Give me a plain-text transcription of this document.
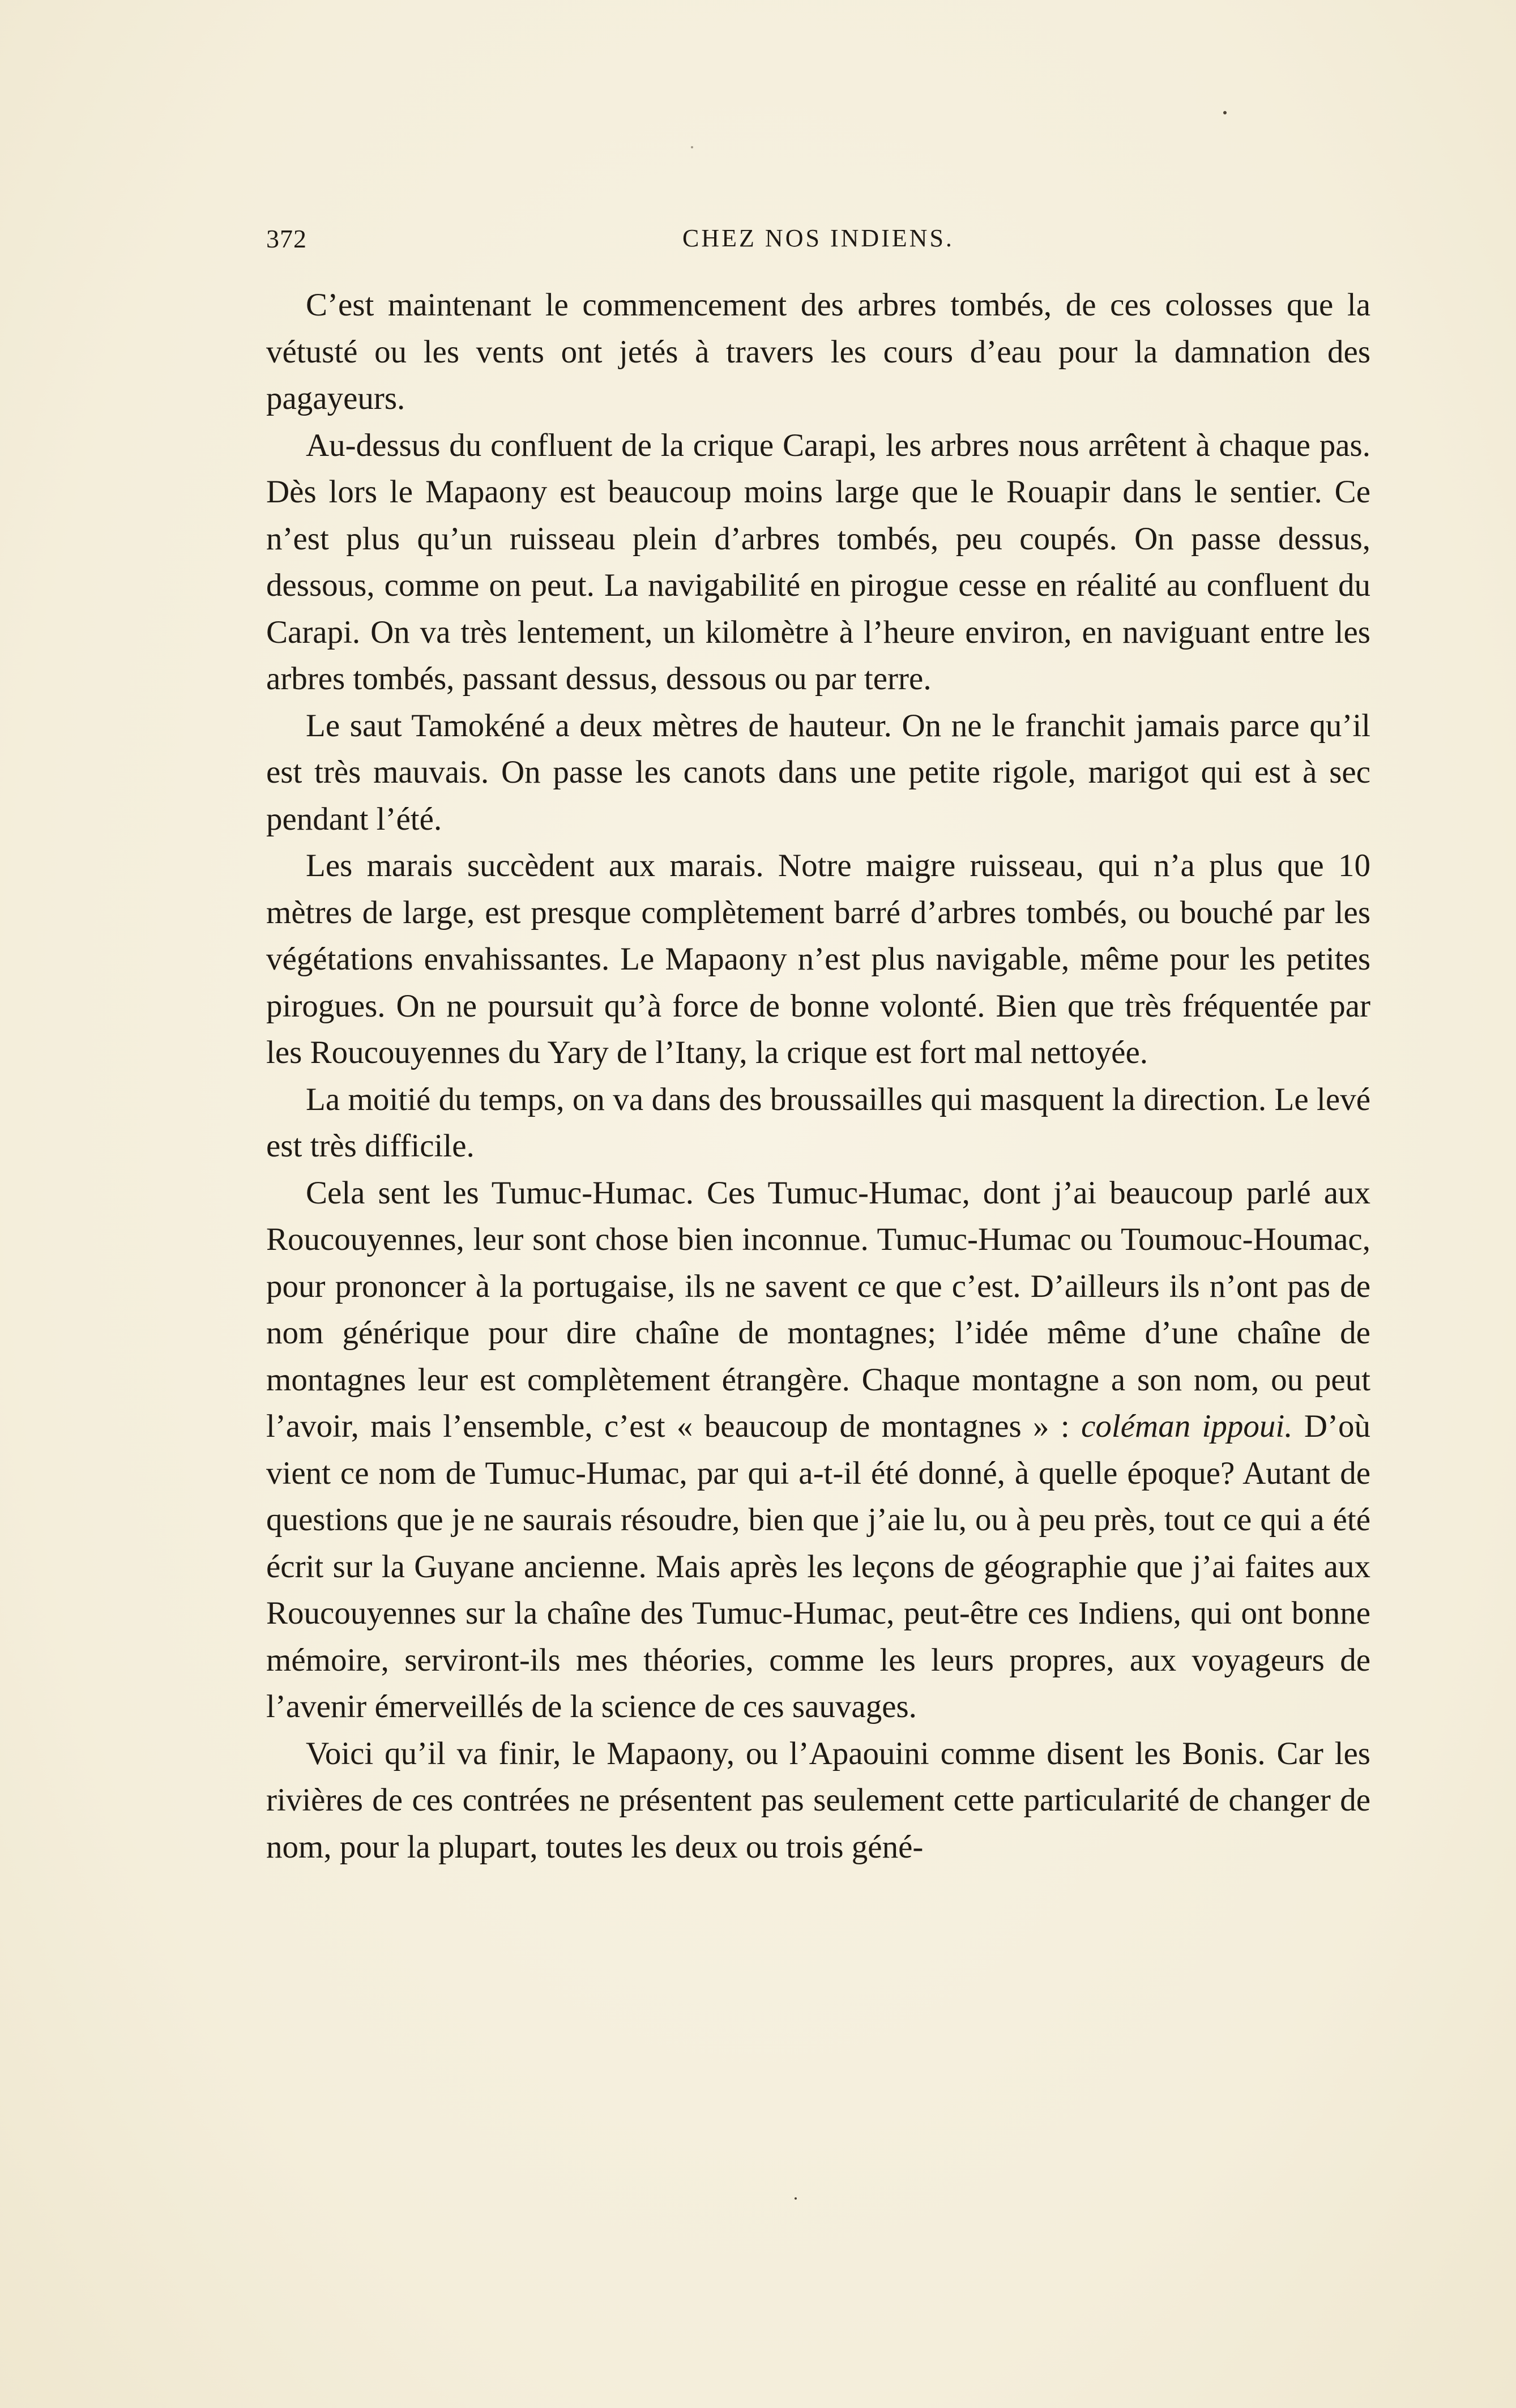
372	CHEZ NOS INDIENS.

C’est maintenant le commencement des arbres tombés, de ces colosses que la vétusté ou les vents ont jetés à travers les cours d’eau pour la damnation des pagayeurs.

Au-dessus du confluent de la crique Carapi, les arbres nous arrêtent à chaque pas. Dès lors le Mapaony est beaucoup moins large que le Rouapir dans le sentier. Ce n’est plus qu’un ruisseau plein d’arbres tombés, peu coupés. On passe dessus, dessous, comme on peut. La navigabilité en pirogue cesse en réalité au confluent du Carapi. On va très lentement, un kilomètre à l’heure environ, en naviguant entre les arbres tombés, passant dessus, dessous ou par terre.

Le saut Tamokéné a deux mètres de hauteur. On ne le franchit jamais parce qu’il est très mauvais. On passe les canots dans une petite rigole, marigot qui est à sec pendant l’été.

Les marais succèdent aux marais. Notre maigre ruisseau, qui n’a plus que 10 mètres de large, est presque complètement barré d’arbres tombés, ou bouché par les végétations envahissantes. Le Mapaony n’est plus navigable, même pour les petites pirogues. On ne poursuit qu’à force de bonne volonté. Bien que très fréquentée par les Roucouyennes du Yary de l’Itany, la crique est fort mal nettoyée.

La moitié du temps, on va dans des broussailles qui masquent la direction. Le levé est très difficile.

Cela sent les Tumuc-Humac. Ces Tumuc-Humac, dont j’ai beaucoup parlé aux Roucouyennes, leur sont chose bien inconnue. Tumuc-Humac ou Toumouc-Houmac, pour prononcer à la portugaise, ils ne savent ce que c’est. D’ailleurs ils n’ont pas de nom générique pour dire chaîne de montagnes; l’idée même d’une chaîne de montagnes leur est complètement étrangère. Chaque montagne a son nom, ou peut l’avoir, mais l’ensemble, c’est « beaucoup de montagnes » : coléman ippoui. D’où vient ce nom de Tumuc-Humac, par qui a-t-il été donné, à quelle époque? Autant de questions que je ne saurais résoudre, bien que j’aie lu, ou à peu près, tout ce qui a été écrit sur la Guyane ancienne. Mais après les leçons de géographie que j’ai faites aux Roucouyennes sur la chaîne des Tumuc-Humac, peut-être ces Indiens, qui ont bonne mémoire, serviront-ils mes théories, comme les leurs propres, aux voyageurs de l’avenir émerveillés de la science de ces sauvages.

Voici qu’il va finir, le Mapaony, ou l’Apaouini comme disent les Bonis. Car les rivières de ces contrées ne présentent pas seulement cette particularité de changer de nom, pour la plupart, toutes les deux ou trois géné-
